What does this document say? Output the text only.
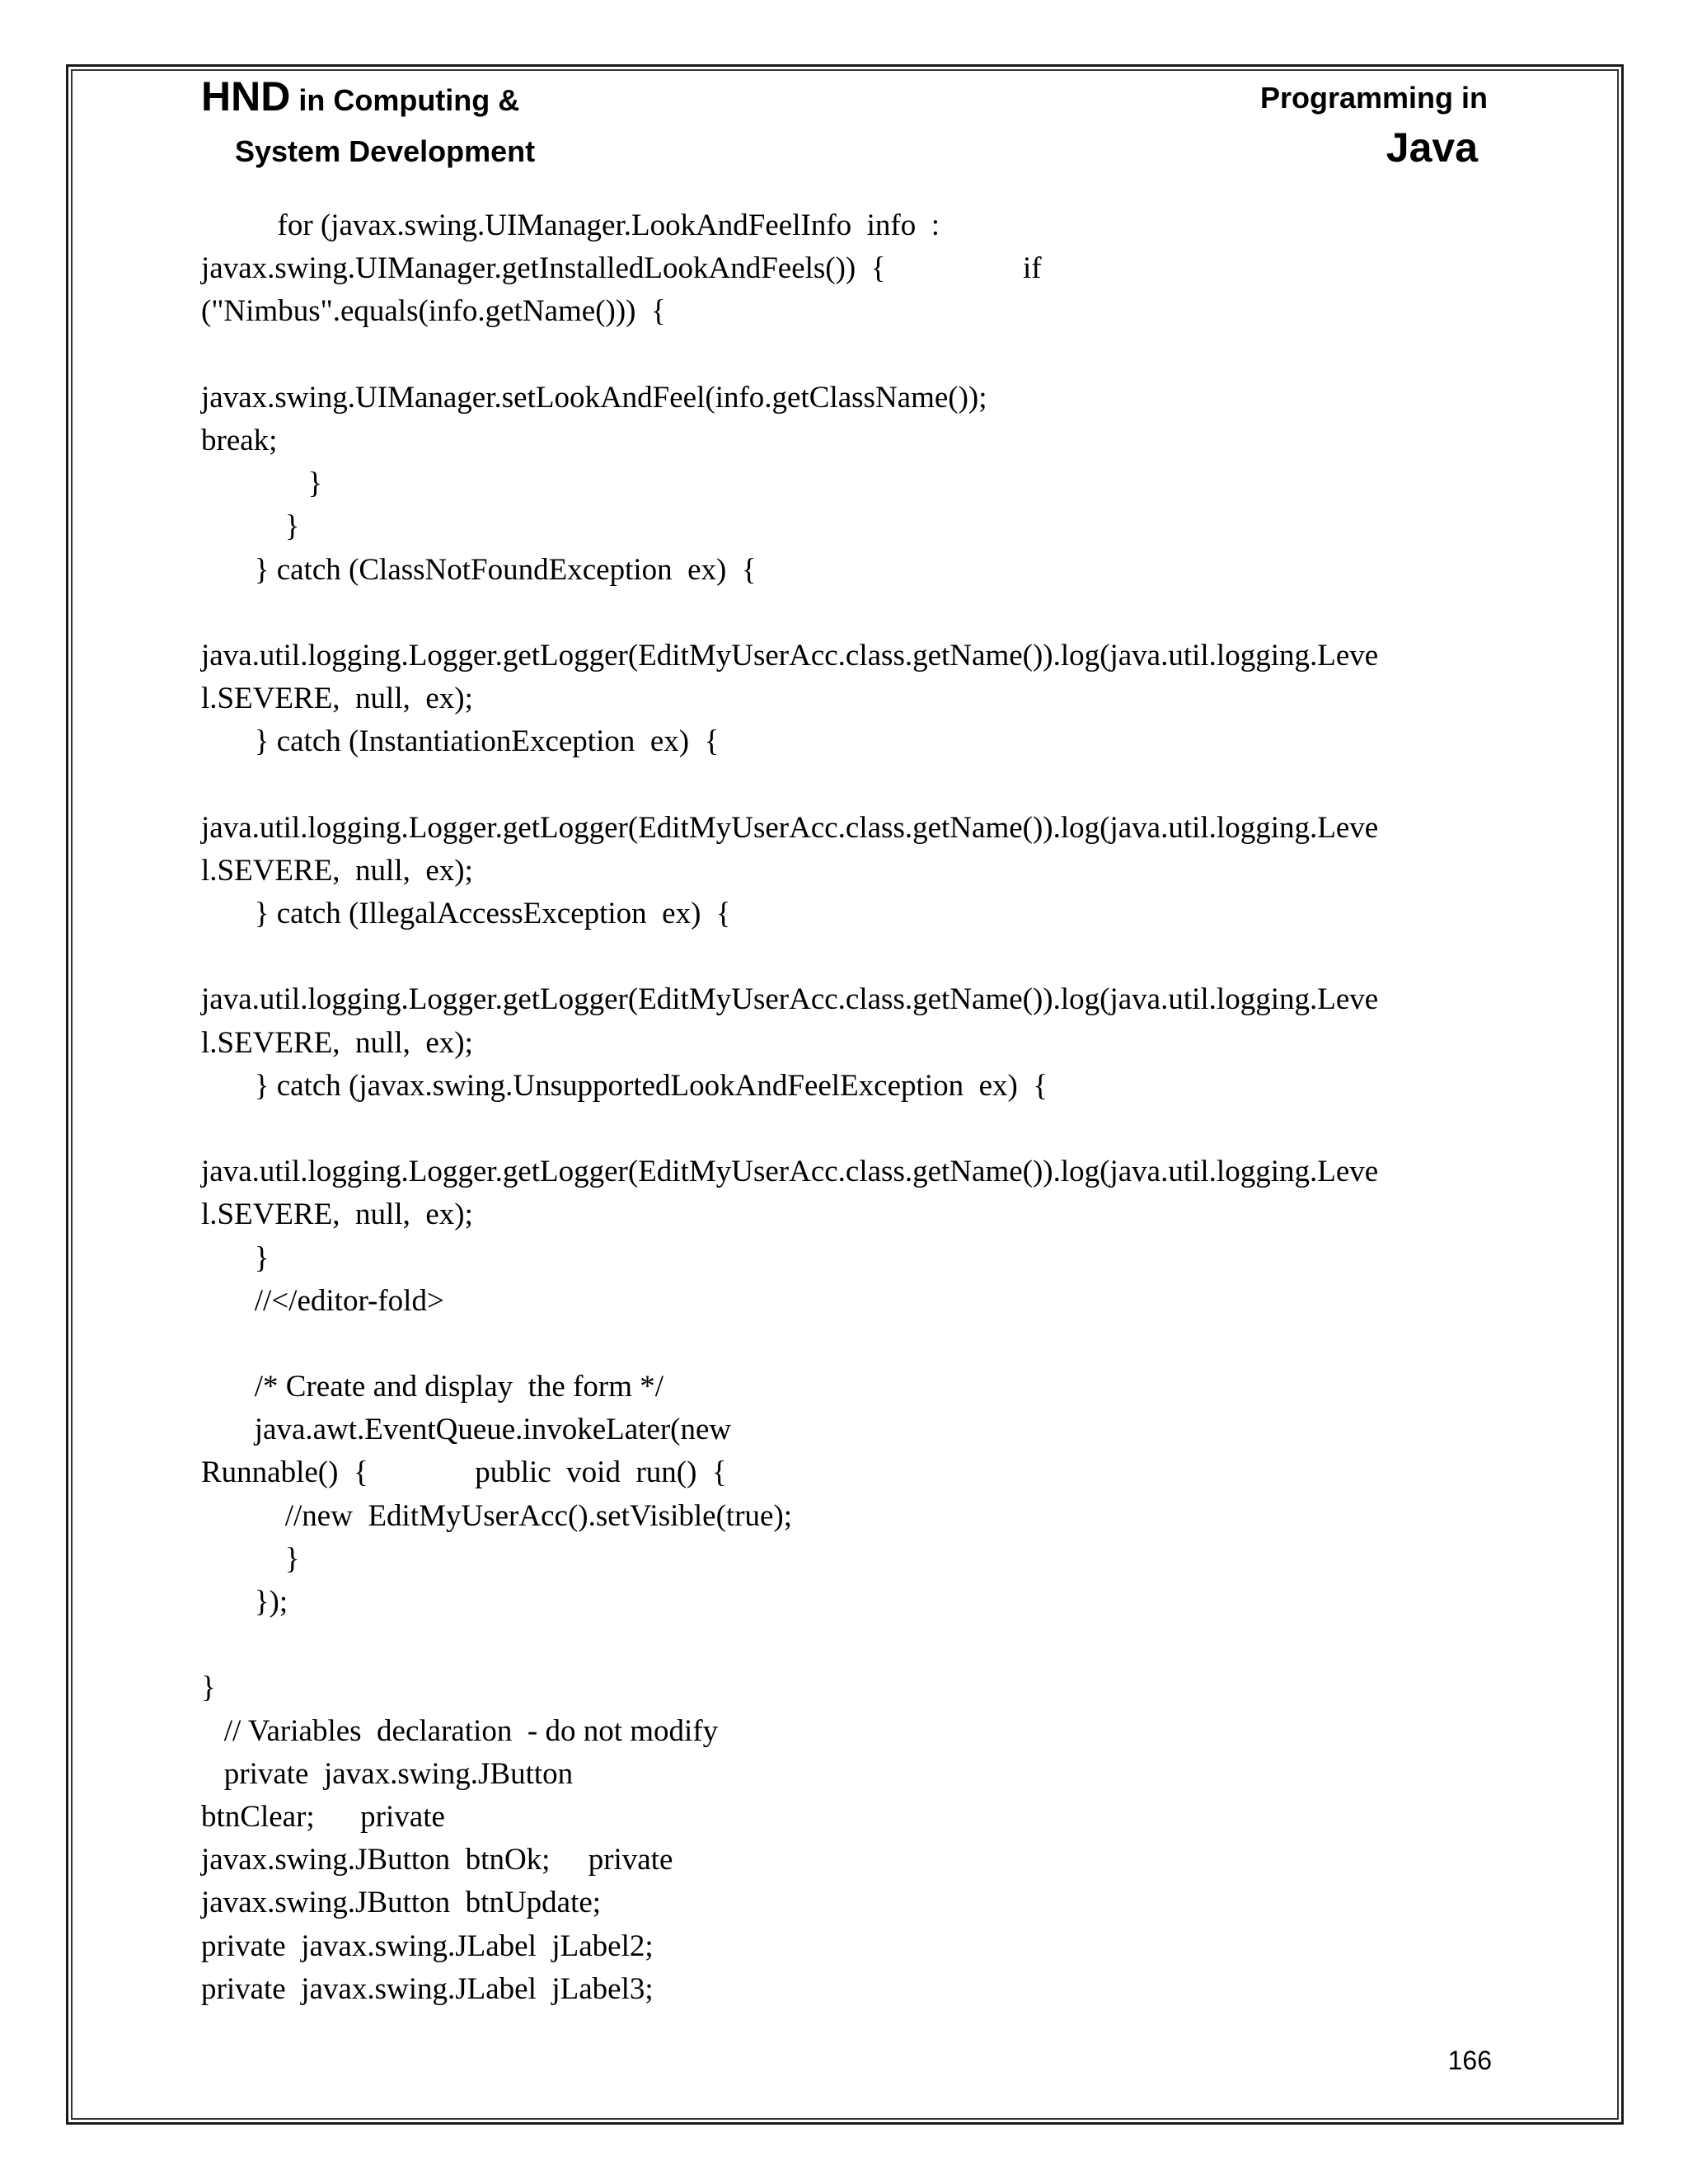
HND in Computing &
System Development
Programming in
Java
for (javax.swing.UIManager.LookAndFeelInfo  info  :
javax.swing.UIManager.getInstalledLookAndFeels())  {                  if
("Nimbus".equals(info.getName()))  {
javax.swing.UIManager.setLookAndFeel(info.getClassName());
break;
}
}
} catch (ClassNotFoundException  ex)  {
java.util.logging.Logger.getLogger(EditMyUserAcc.class.getName()).log(java.util.logging.Leve
l.SEVERE,  null,  ex);
} catch (InstantiationException  ex)  {
java.util.logging.Logger.getLogger(EditMyUserAcc.class.getName()).log(java.util.logging.Leve
l.SEVERE,  null,  ex);
} catch (IllegalAccessException  ex)  {
java.util.logging.Logger.getLogger(EditMyUserAcc.class.getName()).log(java.util.logging.Leve
l.SEVERE,  null,  ex);
} catch (javax.swing.UnsupportedLookAndFeelException  ex)  {
java.util.logging.Logger.getLogger(EditMyUserAcc.class.getName()).log(java.util.logging.Leve
l.SEVERE,  null,  ex);
}
//</editor-fold>
/* Create and display  the form */
java.awt.EventQueue.invokeLater(new
Runnable()  {              public  void  run()  {
//new  EditMyUserAcc().setVisible(true);
}
});
}
// Variables  declaration  - do not modify
private  javax.swing.JButton
btnClear;      private
javax.swing.JButton  btnOk;     private
javax.swing.JButton  btnUpdate;
private  javax.swing.JLabel  jLabel2;
private  javax.swing.JLabel  jLabel3;
166
